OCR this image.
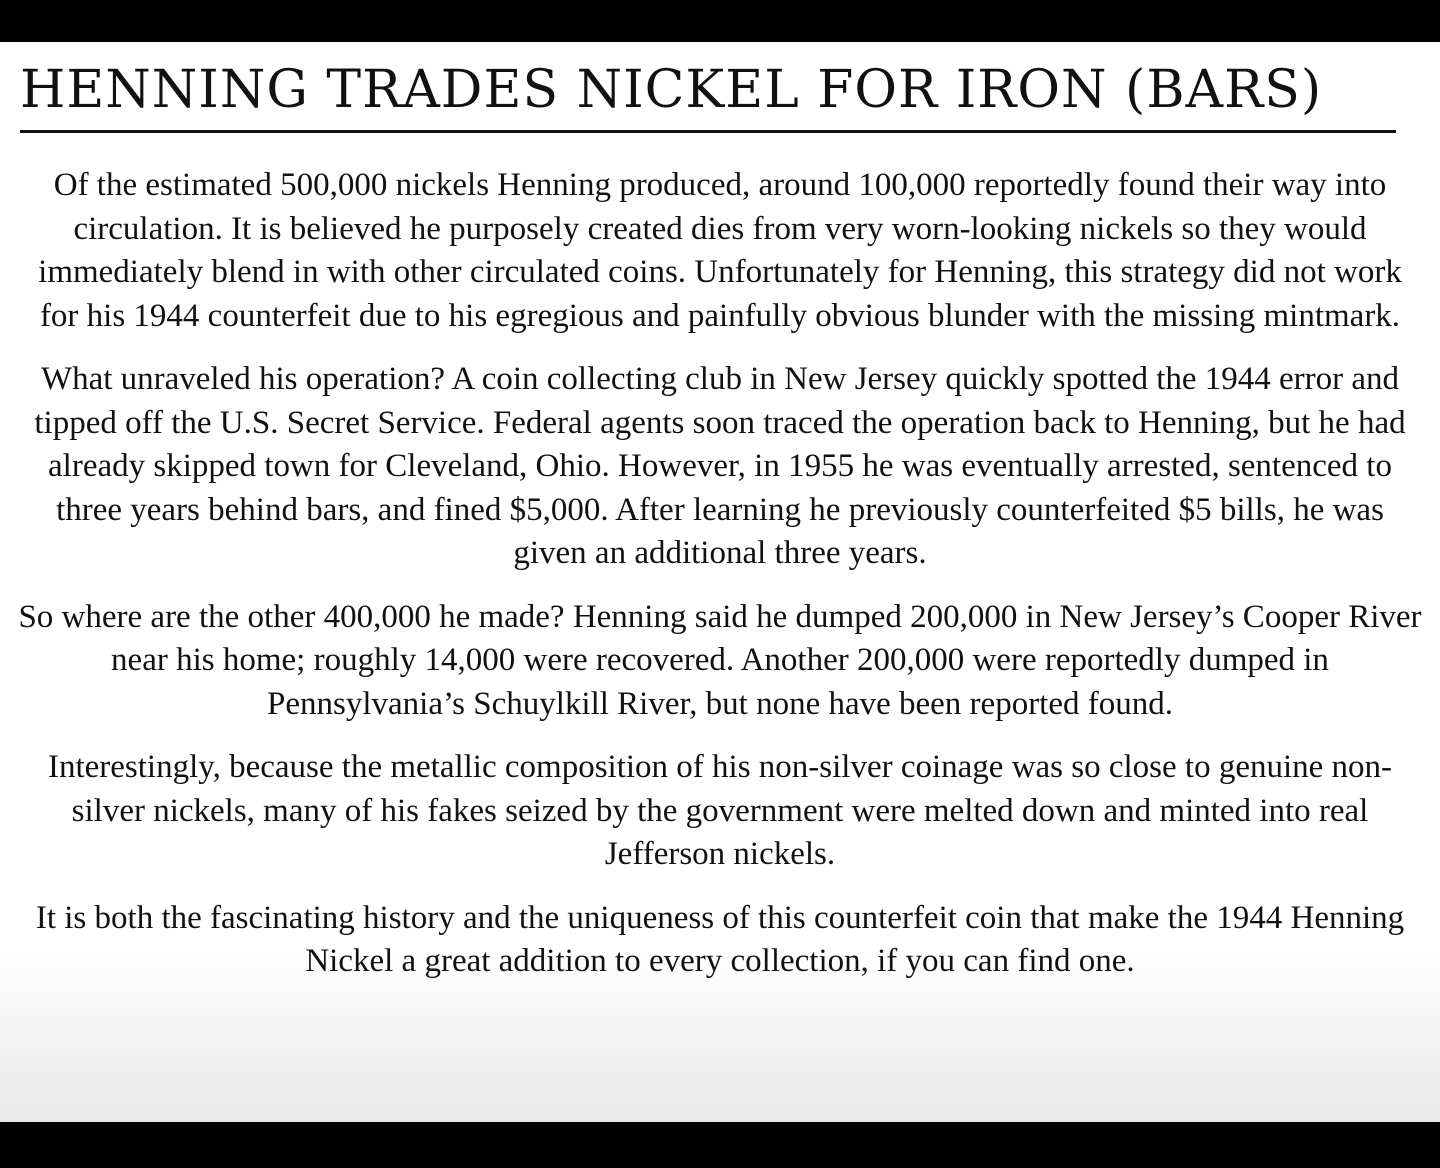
HENNING TRADES NICKEL FOR IRON (BARS)

Of the estimated 500,000 nickels Henning produced, around 100,000 reportedly found their way into circulation. It is believed he purposely created dies from very worn-looking nickels so they would immediately blend in with other circulated coins. Unfortunately for Henning, this strategy did not work for his 1944 counterfeit due to his egregious and painfully obvious blunder with the missing mintmark.

What unraveled his operation? A coin collecting club in New Jersey quickly spotted the 1944 error and tipped off the U.S. Secret Service. Federal agents soon traced the operation back to Henning, but he had already skipped town for Cleveland, Ohio. However, in 1955 he was eventually arrested, sentenced to three years behind bars, and fined $5,000. After learning he previously counterfeited $5 bills, he was given an additional three years.

So where are the other 400,000 he made? Henning said he dumped 200,000 in New Jersey’s Cooper River near his home; roughly 14,000 were recovered. Another 200,000 were reportedly dumped in Pennsylvania’s Schuylkill River, but none have been reported found.

Interestingly, because the metallic composition of his non-silver coinage was so close to genuine non-silver nickels, many of his fakes seized by the government were melted down and minted into real Jefferson nickels.

It is both the fascinating history and the uniqueness of this counterfeit coin that make the 1944 Henning Nickel a great addition to every collection, if you can find one.
